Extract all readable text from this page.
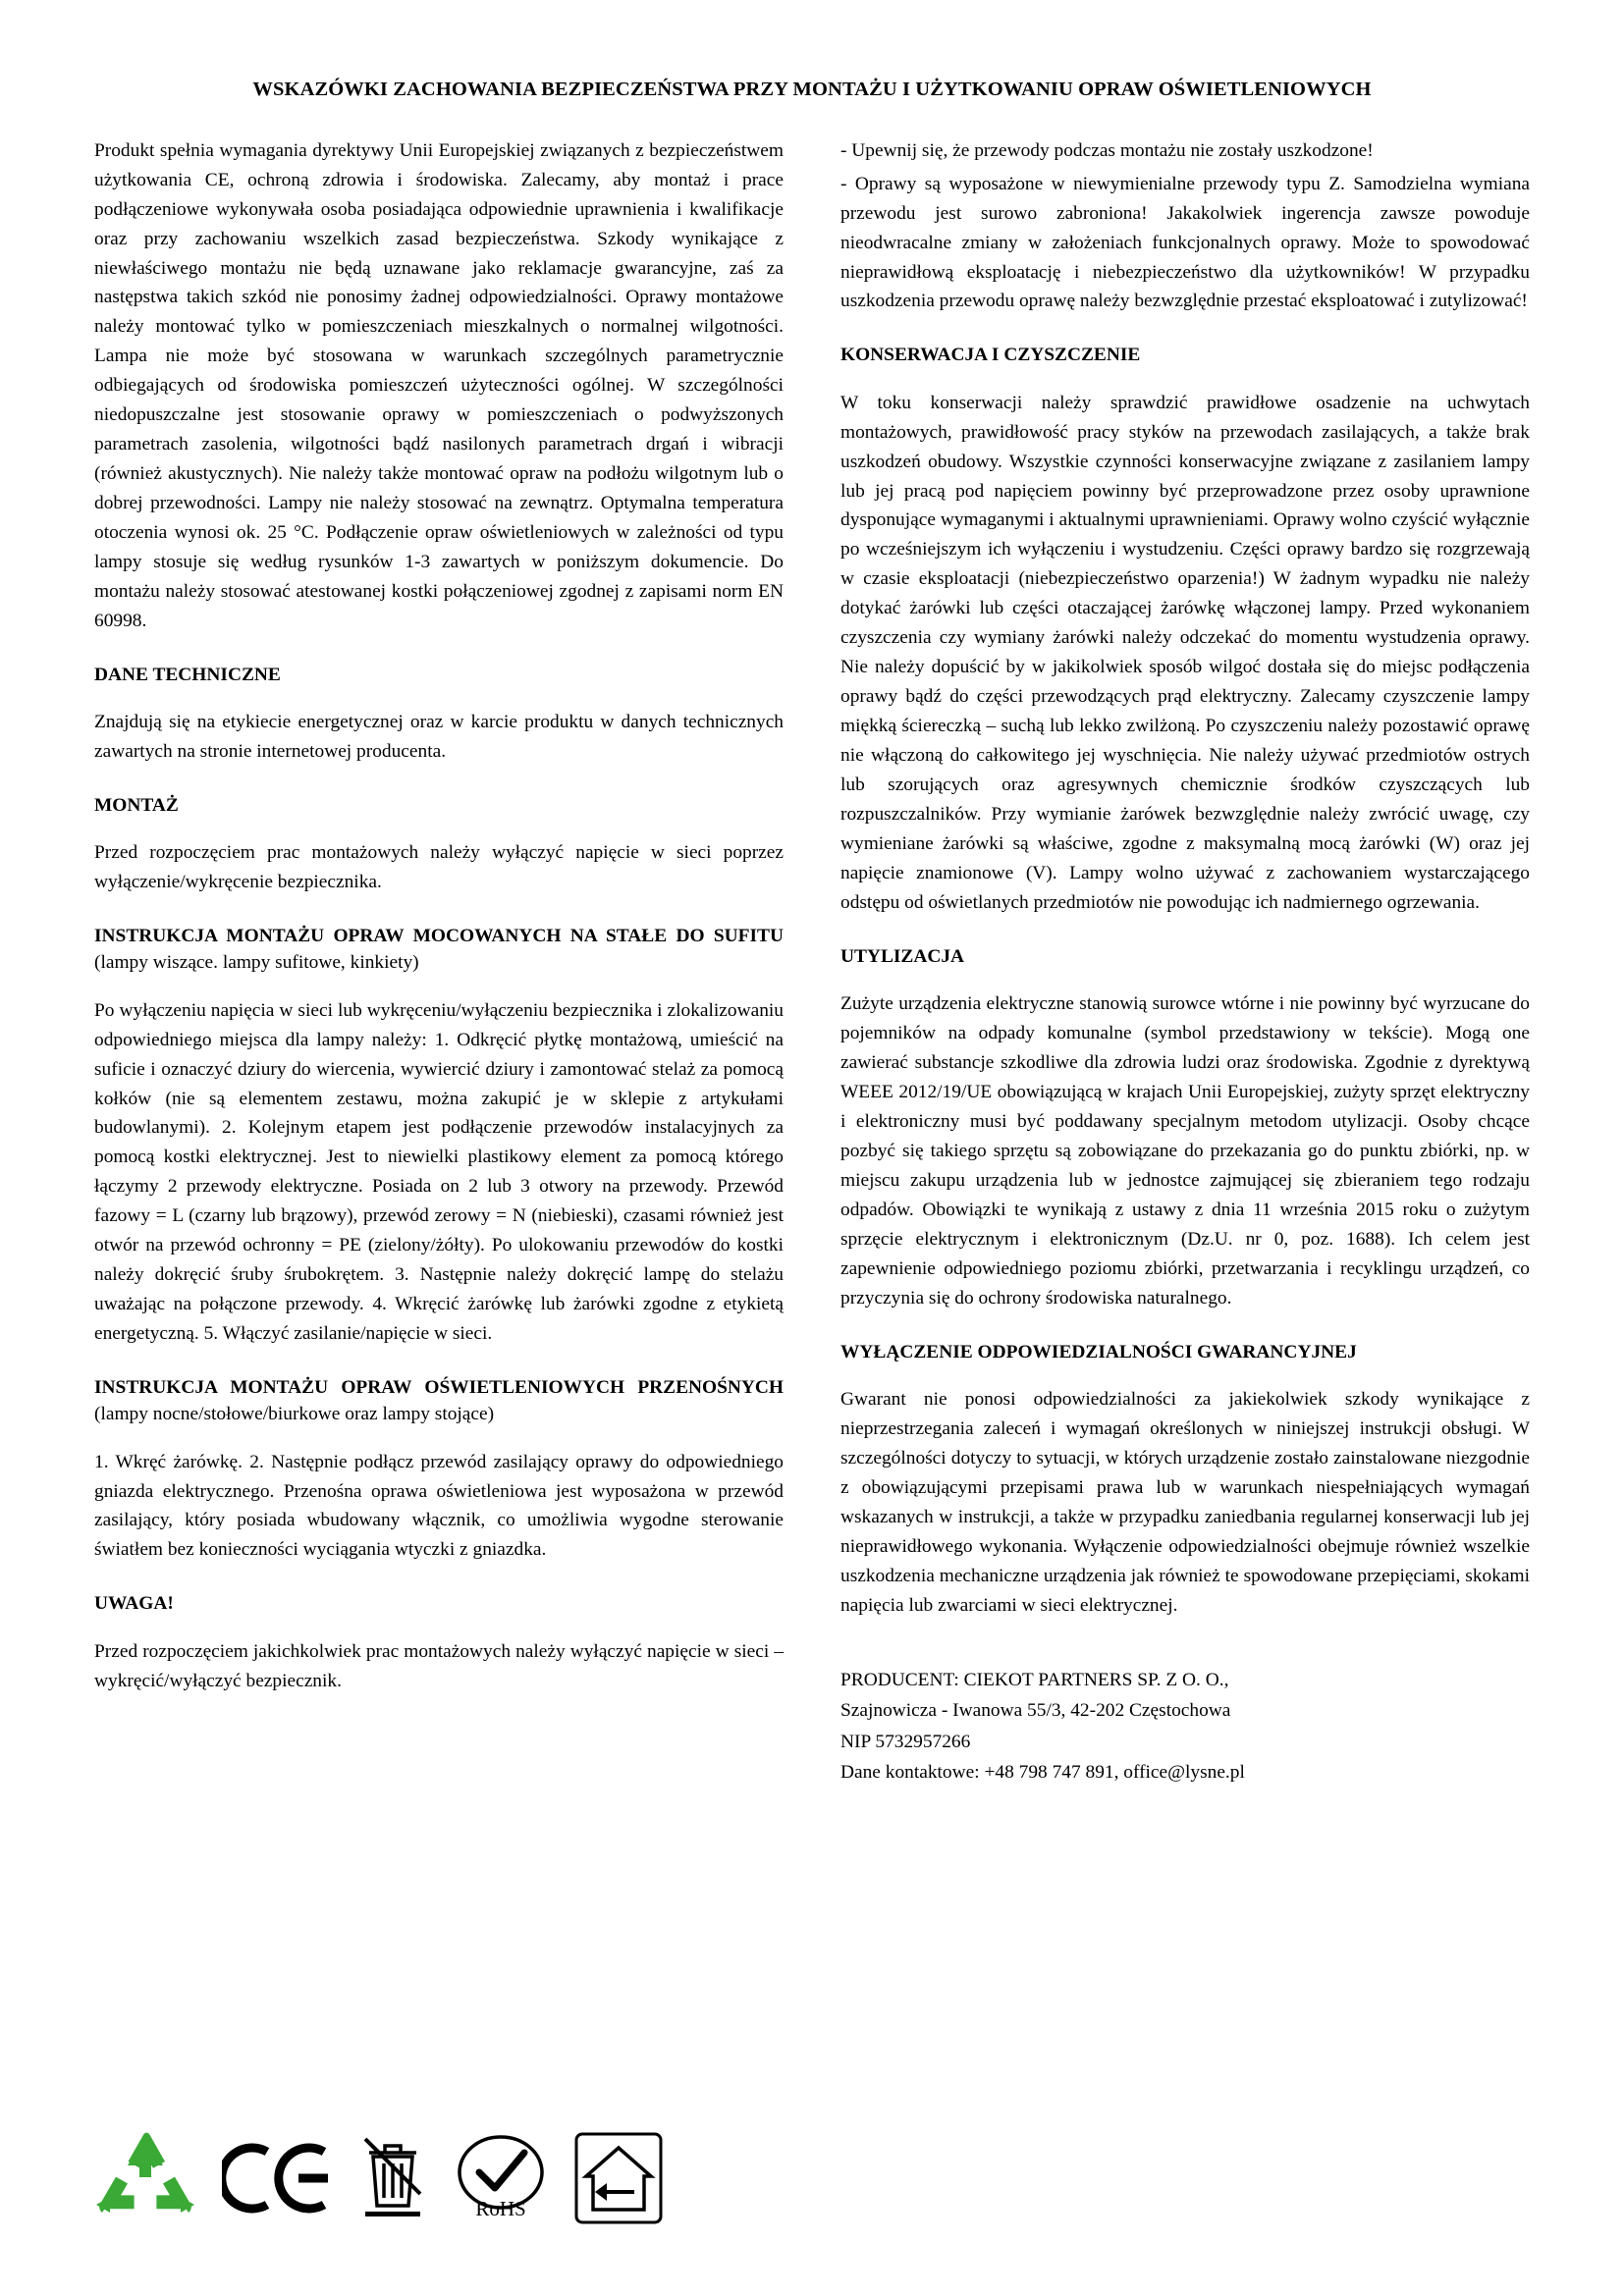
WSKAZÓWKI ZACHOWANIA BEZPIECZEŃSTWA PRZY MONTAŻU I UŻYTKOWANIU OPRAW OŚWIETLENIOWYCH

Produkt spełnia wymagania dyrektywy Unii Europejskiej związanych z bezpieczeństwem użytkowania CE, ochroną zdrowia i środowiska. Zalecamy, aby montaż i prace podłączeniowe wykonywała osoba posiadająca odpowiednie uprawnienia i kwalifikacje oraz przy zachowaniu wszelkich zasad bezpieczeństwa. Szkody wynikające z niewłaściwego montażu nie będą uznawane jako reklamacje gwarancyjne, zaś za następstwa takich szkód nie ponosimy żadnej odpowiedzialności. Oprawy montażowe należy montować tylko w pomieszczeniach mieszkalnych o normalnej wilgotności. Lampa nie może być stosowana w warunkach szczególnych parametrycznie odbiegających od środowiska pomieszczeń użyteczności ogólnej. W szczególności niedopuszczalne jest stosowanie oprawy w pomieszczeniach o podwyższonych parametrach zasolenia, wilgotności bądź nasilonych parametrach drgań i wibracji (również akustycznych). Nie należy także montować opraw na podłożu wilgotnym lub o dobrej przewodności. Lampy nie należy stosować na zewnątrz. Optymalna temperatura otoczenia wynosi ok. 25 °C. Podłączenie opraw oświetleniowych w zależności od typu lampy stosuje się według rysunków 1-3 zawartych w poniższym dokumencie. Do montażu należy stosować atestowanej kostki połączeniowej zgodnej z zapisami norm EN 60998.

DANE TECHNICZNE

Znajdują się na etykiecie energetycznej oraz w karcie produktu w danych technicznych zawartych na stronie internetowej producenta.

MONTAŻ

Przed rozpoczęciem prac montażowych należy wyłączyć napięcie w sieci poprzez wyłączenie/wykręcenie bezpiecznika.

INSTRUKCJA MONTAŻU OPRAW MOCOWANYCH NA STAŁE DO SUFITU (lampy wiszące. lampy sufitowe, kinkiety)

Po wyłączeniu napięcia w sieci lub wykręceniu/wyłączeniu bezpiecznika i zlokalizowaniu odpowiedniego miejsca dla lampy należy: 1. Odkręcić płytkę montażową, umieścić na suficie i oznaczyć dziury do wiercenia, wywiercić dziury i zamontować stelaż za pomocą kołków (nie są elementem zestawu, można zakupić je w sklepie z artykułami budowlanymi). 2. Kolejnym etapem jest podłączenie przewodów instalacyjnych za pomocą kostki elektrycznej. Jest to niewielki plastikowy element za pomocą którego łączymy 2 przewody elektryczne. Posiada on 2 lub 3 otwory na przewody. Przewód fazowy = L (czarny lub brązowy), przewód zerowy = N (niebieski), czasami również jest otwór na przewód ochronny = PE (zielony/żółty). Po ulokowaniu przewodów do kostki należy dokręcić śruby śrubokrętem. 3. Następnie należy dokręcić lampę do stelażu uważając na połączone przewody. 4. Wkręcić żarówkę lub żarówki zgodne z etykietą energetyczną. 5. Włączyć zasilanie/napięcie w sieci.

INSTRUKCJA MONTAŻU OPRAW OŚWIETLENIOWYCH PRZENOŚNYCH (lampy nocne/stołowe/biurkowe oraz lampy stojące)

1. Wkręć żarówkę. 2. Następnie podłącz przewód zasilający oprawy do odpowiedniego gniazda elektrycznego. Przenośna oprawa oświetleniowa jest wyposażona w przewód zasilający, który posiada wbudowany włącznik, co umożliwia wygodne sterowanie światłem bez konieczności wyciągania wtyczki z gniazdka.

UWAGA!

Przed rozpoczęciem jakichkolwiek prac montażowych należy wyłączyć napięcie w sieci – wykręcić/wyłączyć bezpiecznik.

- Upewnij się, że przewody podczas montażu nie zostały uszkodzone!

- Oprawy są wyposażone w niewymienialne przewody typu Z. Samodzielna wymiana przewodu jest surowo zabroniona! Jakakolwiek ingerencja zawsze powoduje nieodwracalne zmiany w założeniach funkcjonalnych oprawy. Może to spowodować nieprawidłową eksploatację i niebezpieczeństwo dla użytkowników! W przypadku uszkodzenia przewodu oprawę należy bezwzględnie przestać eksploatować i zutylizować!

KONSERWACJA I CZYSZCZENIE

W toku konserwacji należy sprawdzić prawidłowe osadzenie na uchwytach montażowych, prawidłowość pracy styków na przewodach zasilających, a także brak uszkodzeń obudowy. Wszystkie czynności konserwacyjne związane z zasilaniem lampy lub jej pracą pod napięciem powinny być przeprowadzone przez osoby uprawnione dysponujące wymaganymi i aktualnymi uprawnieniami. Oprawy wolno czyścić wyłącznie po wcześniejszym ich wyłączeniu i wystudzeniu. Części oprawy bardzo się rozgrzewają w czasie eksploatacji (niebezpieczeństwo oparzenia!) W żadnym wypadku nie należy dotykać żarówki lub części otaczającej żarówkę włączonej lampy. Przed wykonaniem czyszczenia czy wymiany żarówki należy odczekać do momentu wystudzenia oprawy. Nie należy dopuścić by w jakikolwiek sposób wilgoć dostała się do miejsc podłączenia oprawy bądź do części przewodzących prąd elektryczny. Zalecamy czyszczenie lampy miękką ściereczką – suchą lub lekko zwilżoną. Po czyszczeniu należy pozostawić oprawę nie włączoną do całkowitego jej wyschnięcia. Nie należy używać przedmiotów ostrych lub szorujących oraz agresywnych chemicznie środków czyszczących lub rozpuszczalników. Przy wymianie żarówek bezwzględnie należy zwrócić uwagę, czy wymieniane żarówki są właściwe, zgodne z maksymalną mocą żarówki (W) oraz jej napięcie znamionowe (V). Lampy wolno używać z zachowaniem wystarczającego odstępu od oświetlanych przedmiotów nie powodując ich nadmiernego ogrzewania.

UTYLIZACJA

Zużyte urządzenia elektryczne stanowią surowce wtórne i nie powinny być wyrzucane do pojemników na odpady komunalne (symbol przedstawiony w tekście). Mogą one zawierać substancje szkodliwe dla zdrowia ludzi oraz środowiska. Zgodnie z dyrektywą WEEE 2012/19/UE obowiązującą w krajach Unii Europejskiej, zużyty sprzęt elektryczny i elektroniczny musi być poddawany specjalnym metodom utylizacji. Osoby chcące pozbyć się takiego sprzętu są zobowiązane do przekazania go do punktu zbiórki, np. w miejscu zakupu urządzenia lub w jednostce zajmującej się zbieraniem tego rodzaju odpadów. Obowiązki te wynikają z ustawy z dnia 11 września 2015 roku o zużytym sprzęcie elektrycznym i elektronicznym (Dz.U. nr 0, poz. 1688). Ich celem jest zapewnienie odpowiedniego poziomu zbiórki, przetwarzania i recyklingu urządzeń, co przyczynia się do ochrony środowiska naturalnego.

WYŁĄCZENIE ODPOWIEDZIALNOŚCI GWARANCYJNEJ

Gwarant nie ponosi odpowiedzialności za jakiekolwiek szkody wynikające z nieprzestrzegania zaleceń i wymagań określonych w niniejszej instrukcji obsługi. W szczególności dotyczy to sytuacji, w których urządzenie zostało zainstalowane niezgodnie z obowiązującymi przepisami prawa lub w warunkach niespełniających wymagań wskazanych w instrukcji, a także w przypadku zaniedbania regularnej konserwacji lub jej nieprawidłowego wykonania. Wyłączenie odpowiedzialności obejmuje również wszelkie uszkodzenia mechaniczne urządzenia jak również te spowodowane przepięciami, skokami napięcia lub zwarciami w sieci elektrycznej.

PRODUCENT: CIEKOT PARTNERS SP. Z O. O.,
Szajnowicza - Iwanowa 55/3, 42-202 Częstochowa
NIP 5732957266
Dane kontaktowe: +48 798 747 891, office@lysne.pl
RoHS
